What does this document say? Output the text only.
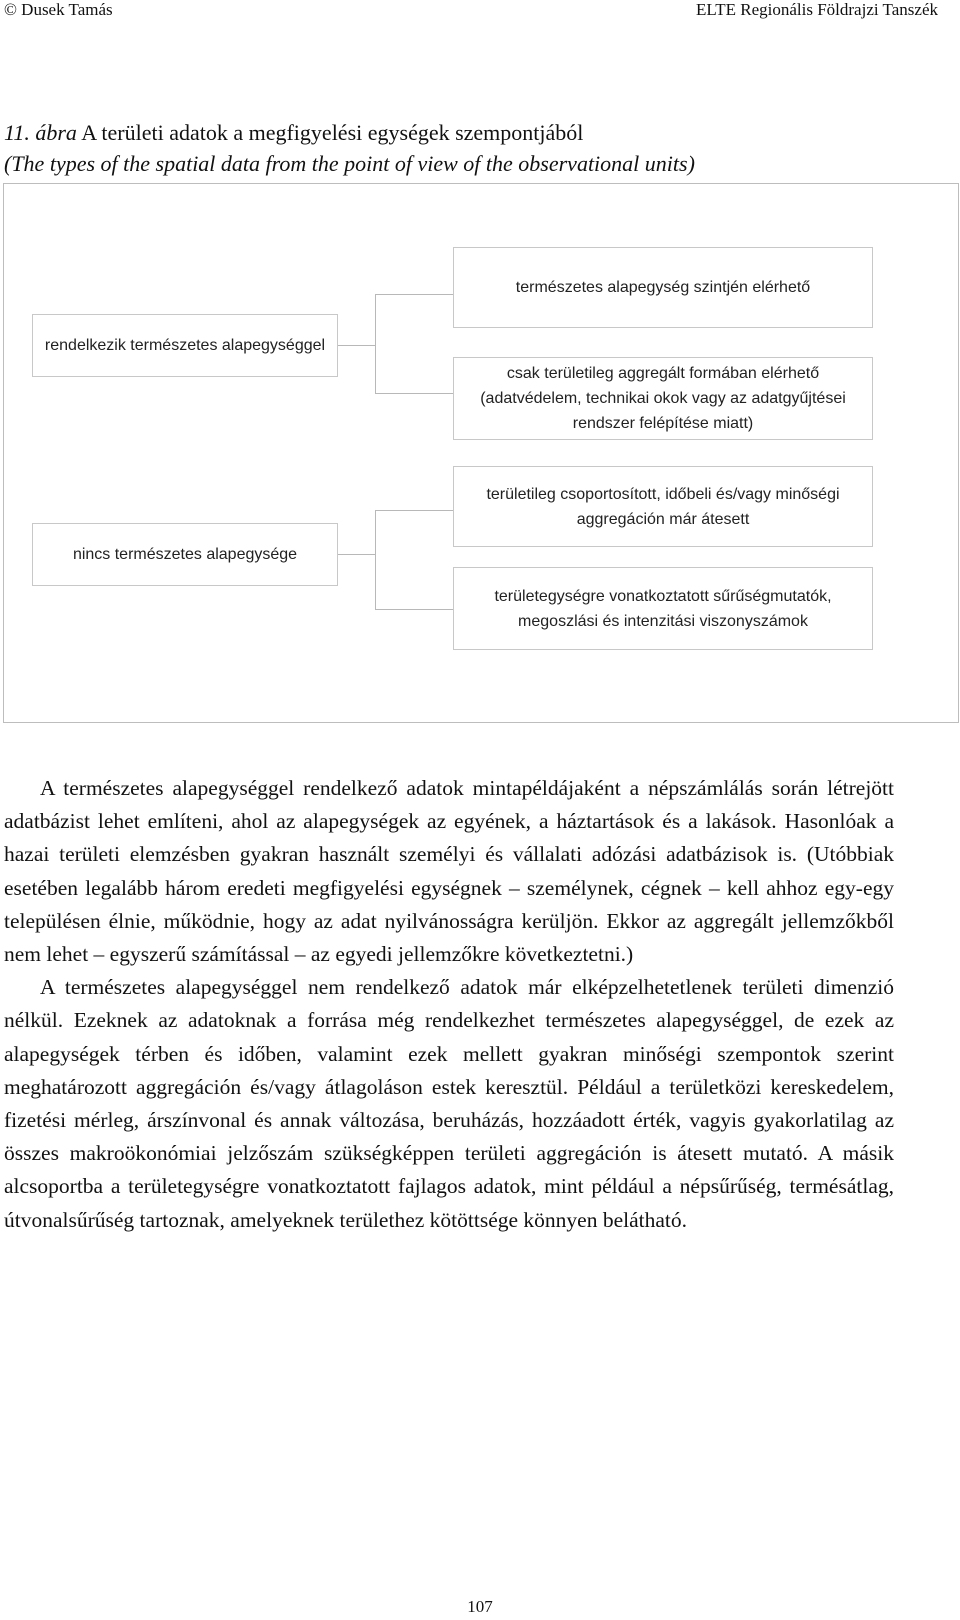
© Dusek Tamás	ELTE Regionális Földrajzi Tanszék
11. ábra A területi adatok a megfigyelési egységek szempontjából
(The types of the spatial data from the point of view of the observational units)
rendelkezik természetes alapegységgel
nincs természetes alapegysége
természetes alapegység szintjén elérhető
csak területileg aggregált formában elérhető (adatvédelem, technikai okok vagy az adatgyűjtései rendszer felépítése miatt)
területileg csoportosított, időbeli és/vagy minőségi aggregáción már átesett
területegységre vonatkoztatott sűrűségmutatók, megoszlási és intenzitási viszonyszámok

A természetes alapegységgel rendelkező adatok mintapéldájaként a népszámlálás során létrejött adatbázist lehet említeni, ahol az alapegységek az egyének, a háztartások és a lakások. Hasonlóak a hazai területi elemzésben gyakran használt személyi és vállalati adózási adatbázisok is. (Utóbbiak esetében legalább három eredeti megfigyelési egységnek – személynek, cégnek – kell ahhoz egy-egy településen élnie, működnie, hogy az adat nyilvánosságra kerüljön. Ekkor az aggregált jellemzőkből nem lehet – egyszerű számítással – az egyedi jellemzőkre következtetni.)

A természetes alapegységgel nem rendelkező adatok már elképzelhetetlenek területi dimenzió nélkül. Ezeknek az adatoknak a forrása még rendelkezhet természetes alapegységgel, de ezek az alapegységek térben és időben, valamint ezek mellett gyakran minőségi szempontok szerint meghatározott aggregáción és/vagy átlagoláson estek keresztül. Például a területközi kereskedelem, fizetési mérleg, árszínvonal és annak változása, beruházás, hozzáadott érték, vagyis gyakorlatilag az összes makroökonómiai jelzőszám szükségképpen területi aggregáción is átesett mutató. A másik alcsoportba a területegységre vonatkoztatott fajlagos adatok, mint például a népsűrűség, termésátlag, útvonalsűrűség tartoznak, amelyeknek területhez kötöttsége könnyen belátható.

107
